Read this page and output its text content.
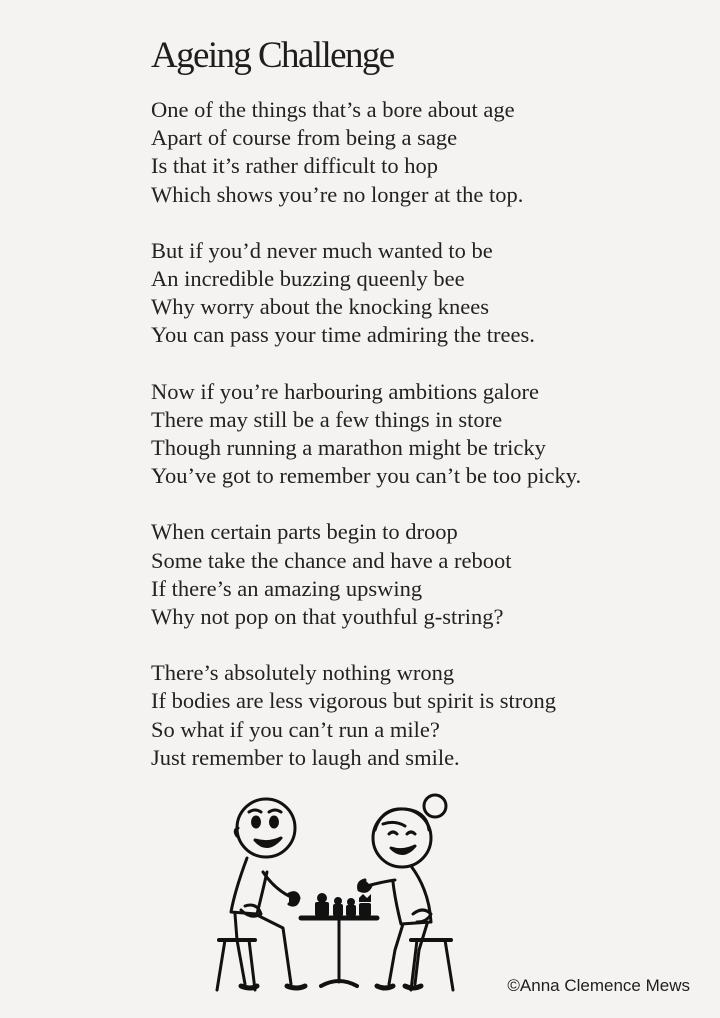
Ageing Challenge
One of the things that’s a bore about age
Apart of course from being a sage
Is that it’s rather difficult to hop
Which shows you’re no longer at the top.
But if you’d never much wanted to be
An incredible buzzing queenly bee
Why worry about the knocking knees
You can pass your time admiring the trees.
Now if you’re harbouring ambitions galore
There may still be a few things in store
Though running a marathon might be tricky
You’ve got to remember you can’t be too picky.
When certain parts begin to droop
Some take the chance and have a reboot
If there’s an amazing upswing
Why not pop on that youthful g-string?
There’s absolutely nothing wrong
If bodies are less vigorous but spirit is strong
So what if you can’t run a mile?
Just remember to laugh and smile.
©Anna Clemence Mews
